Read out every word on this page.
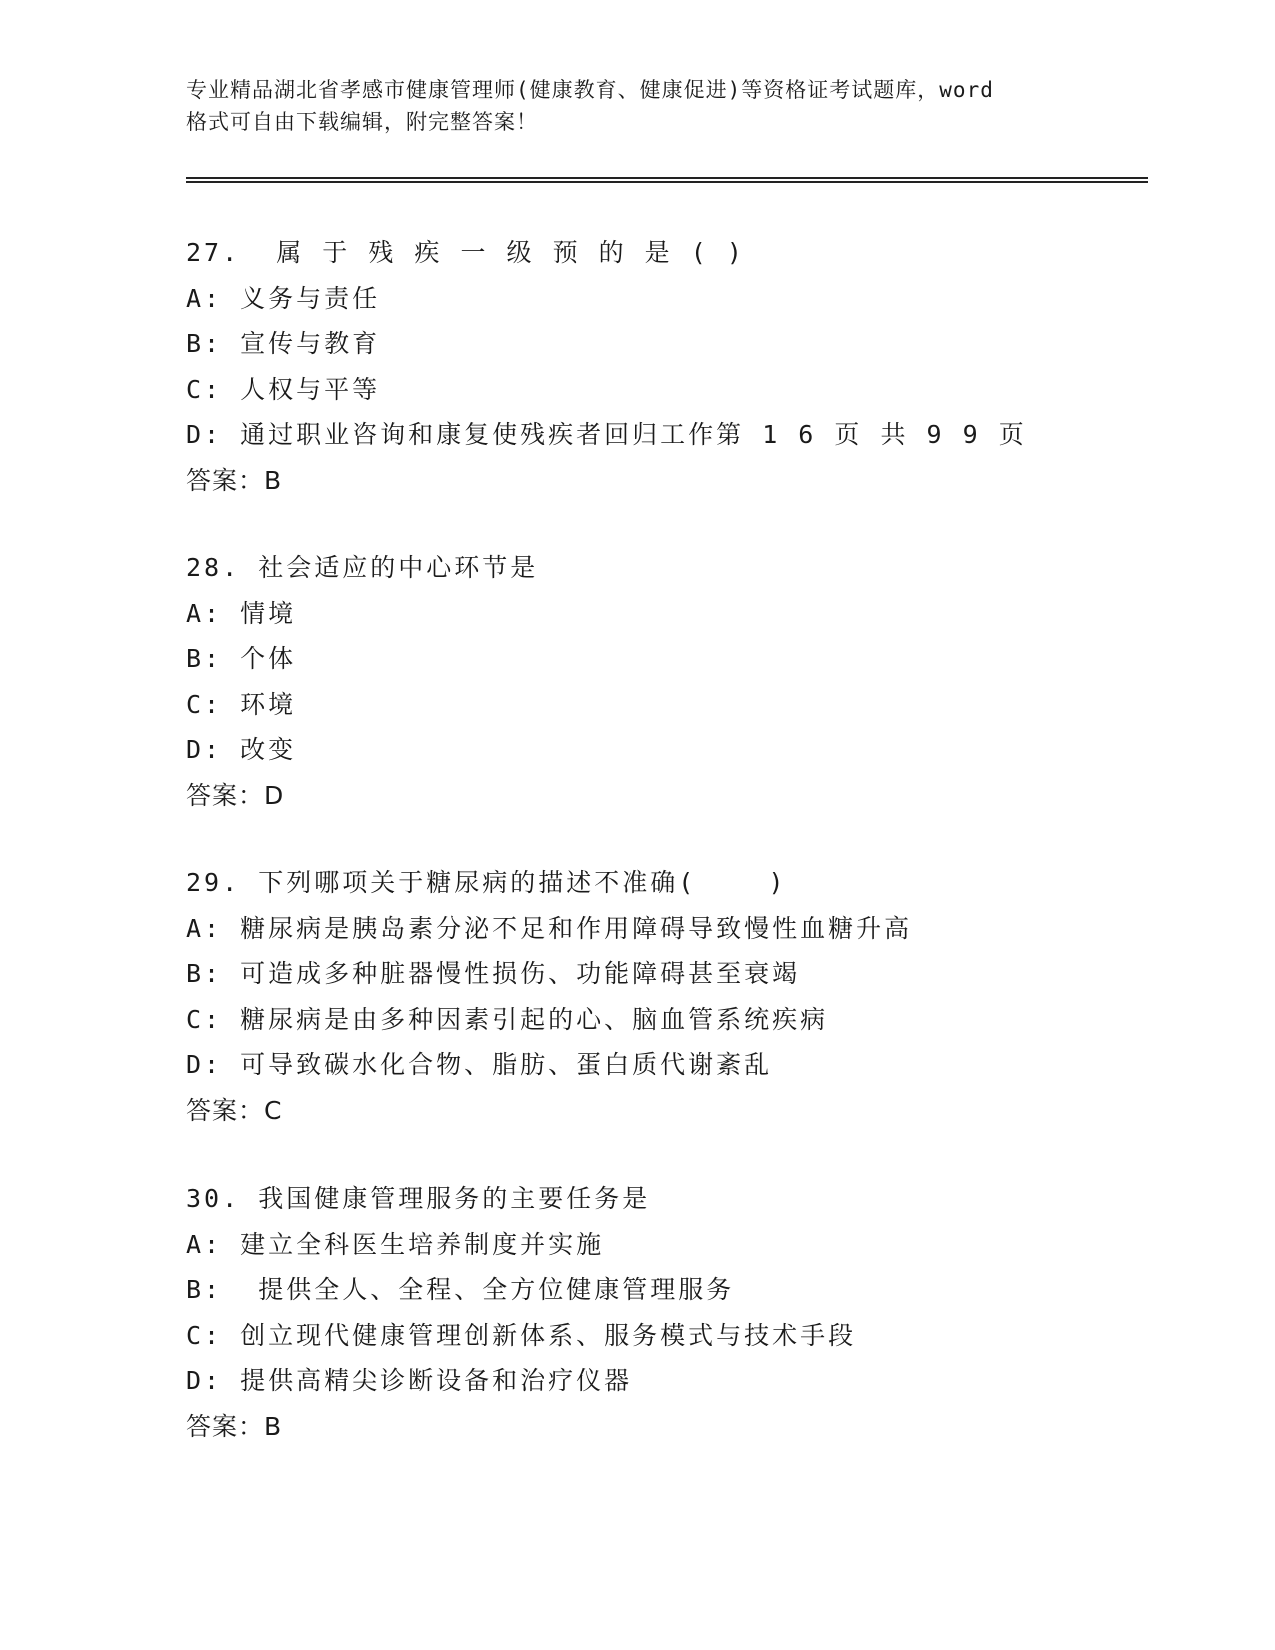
专业精品湖北省孝感市健康管理师(健康教育、健康促进)等资格证考试题库，word
格式可自由下载编辑，附完整答案！
27.  属 于 残 疾 一 级 预 的 是 ( )
A: 义务与责任
B: 宣传与教育
C: 人权与平等
D: 通过职业咨询和康复使残疾者回归工作第 1 6 页 共 9 9 页
答案：B
28. 社会适应的中心环节是
A: 情境
B: 个体
C: 环境
D: 改变
答案：D
29. 下列哪项关于糖尿病的描述不准确(    )
A: 糖尿病是胰岛素分泌不足和作用障碍导致慢性血糖升高
B: 可造成多种脏器慢性损伤、功能障碍甚至衰竭
C: 糖尿病是由多种因素引起的心、脑血管系统疾病
D: 可导致碳水化合物、脂肪、蛋白质代谢紊乱
答案：C
30. 我国健康管理服务的主要任务是
A: 建立全科医生培养制度并实施
B:  提供全人、全程、全方位健康管理服务
C: 创立现代健康管理创新体系、服务模式与技术手段
D: 提供高精尖诊断设备和治疗仪器
答案：B
